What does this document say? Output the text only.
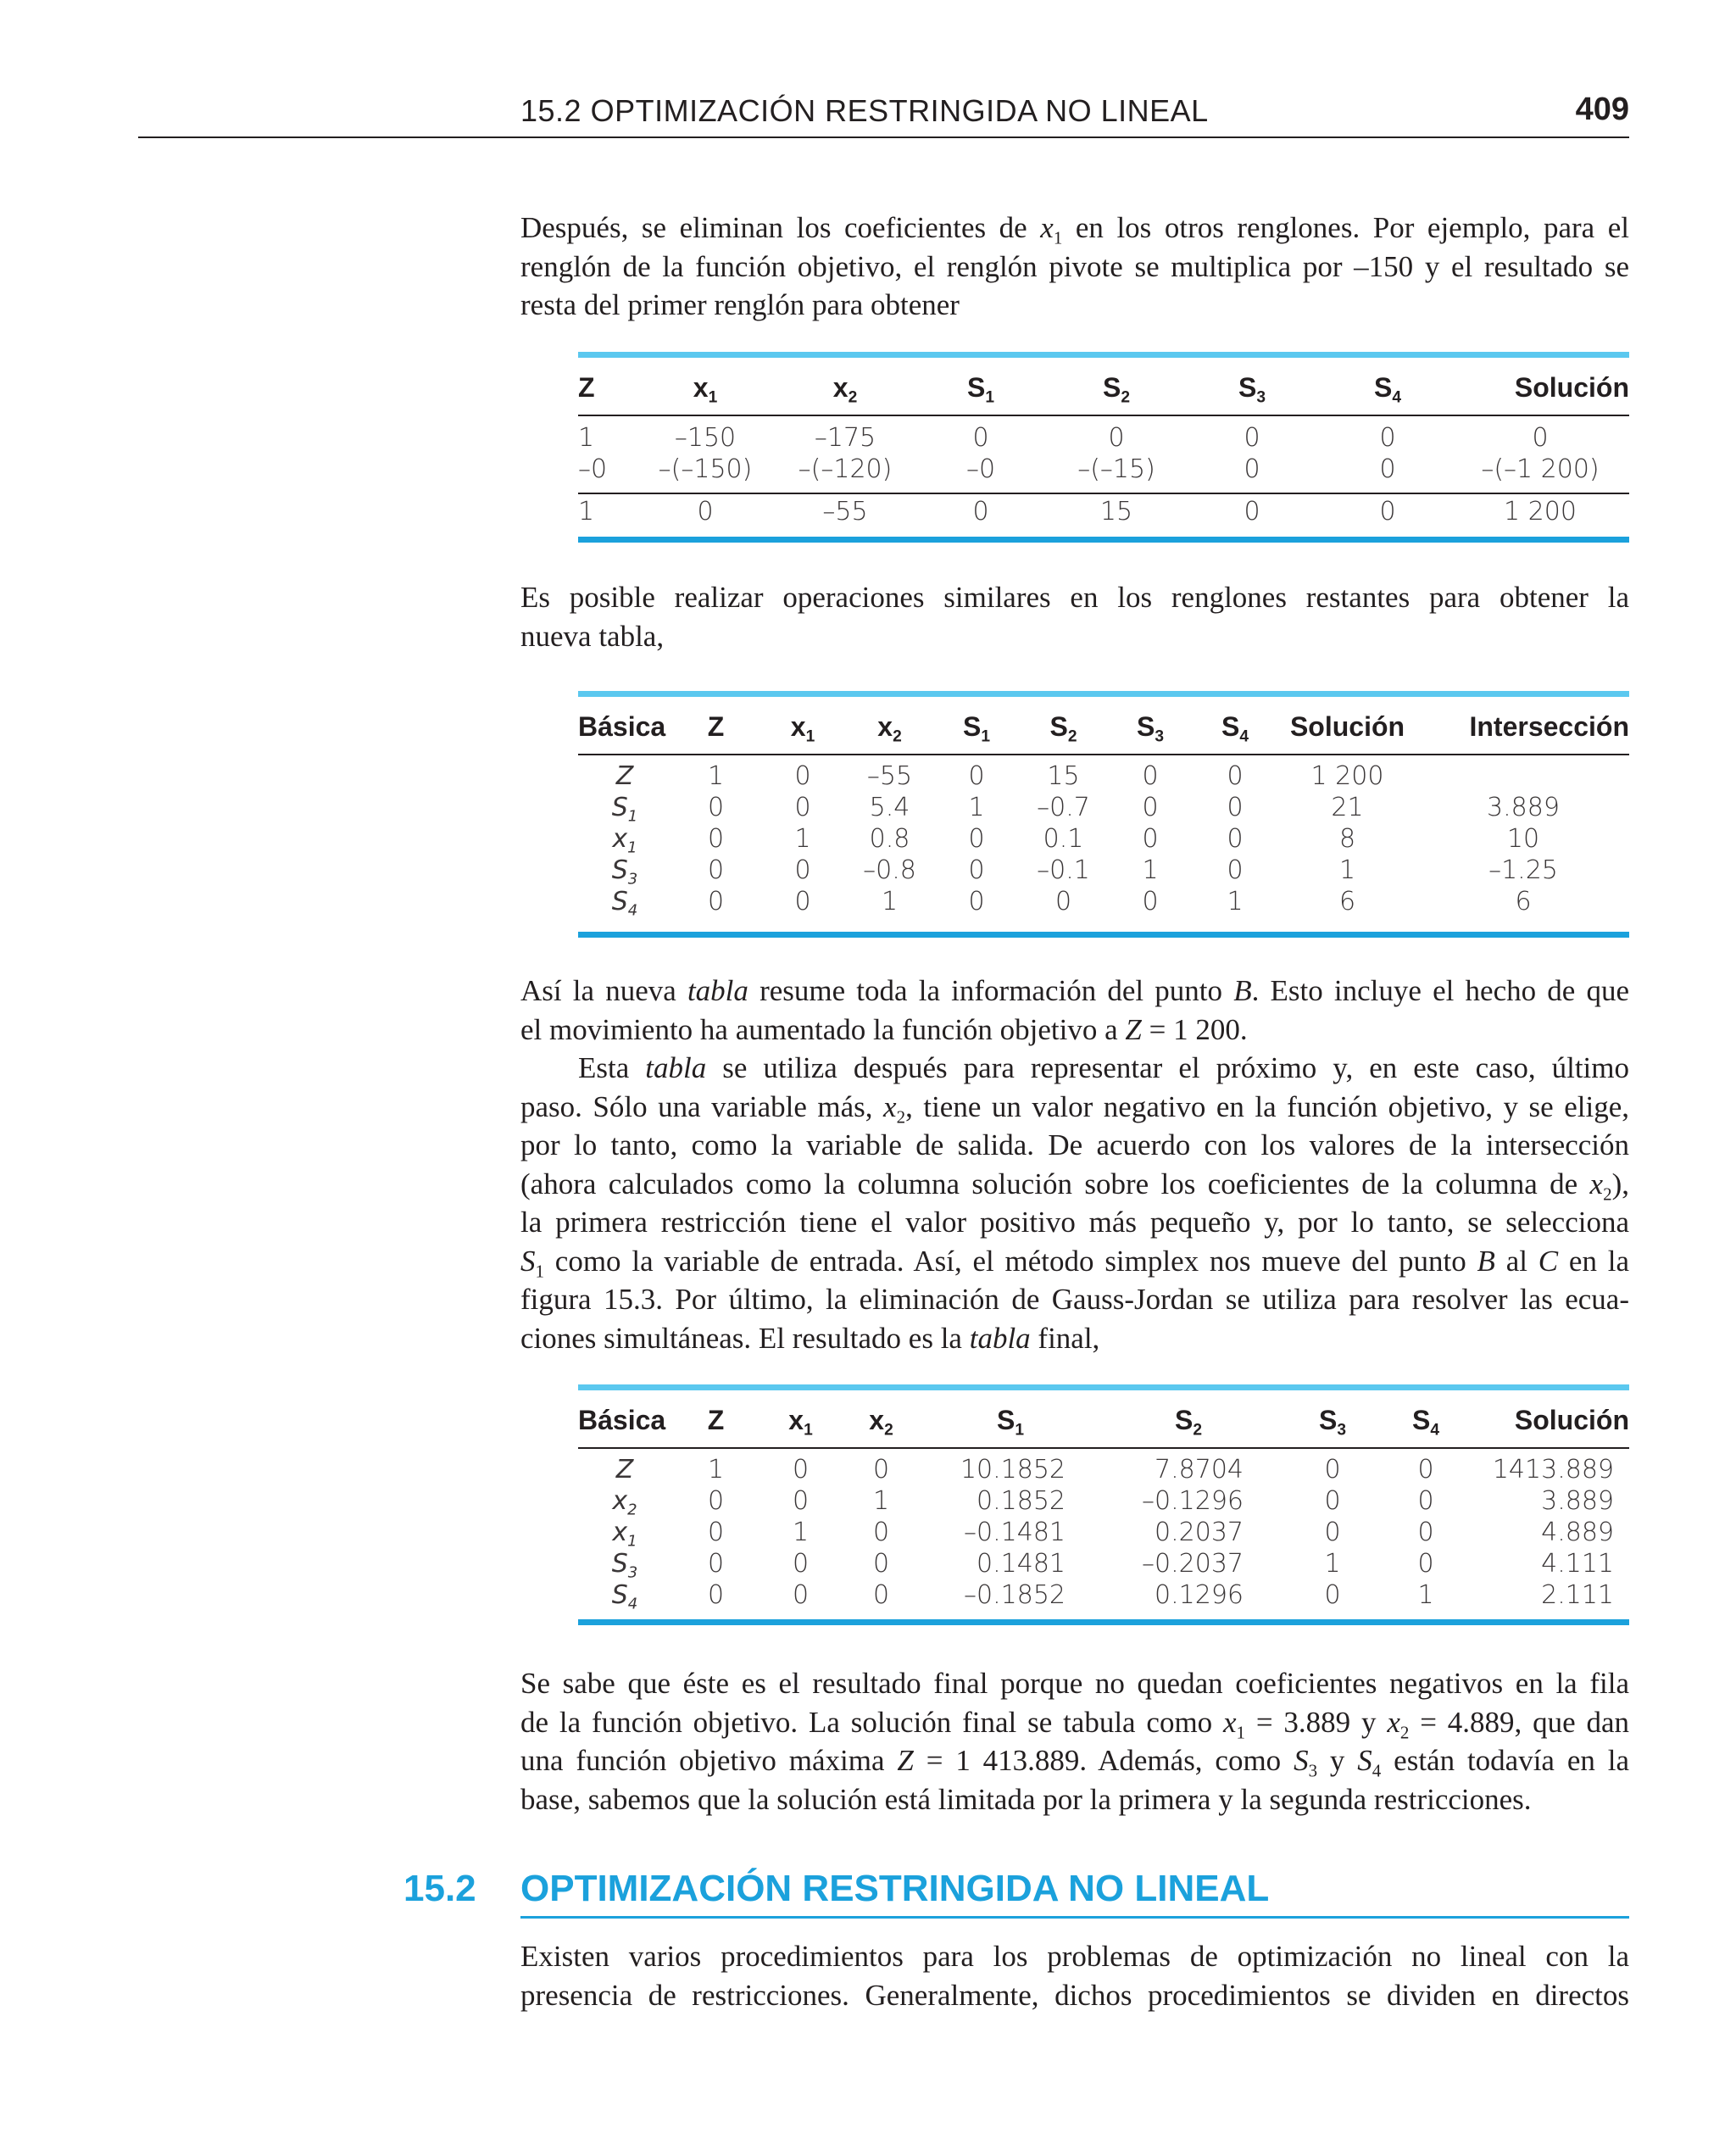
15.2 OPTIMIZACIÓN RESTRINGIDA NO LINEAL	409
Después, se eliminan los coeficientes de $x_1$ en los otros renglones. Por ejemplo, para el
renglón de la función objetivo, el renglón pivote se multiplica por –150 y el resultado se
resta del primer renglón para obtener
Z	$x_1$	$x_2$	$S_1$	$S_2$	$S_3$	$S_4$	Solución
1	–150	–175	0	0	0	0	0
–0	–(–150)	–(–120)	–0	–(–15)	0	0	–(–1 200)
1	0	–55	0	15	0	0	1 200
Es posible realizar operaciones similares en los renglones restantes para obtener la
nueva tabla,
Básica	Z	$x_1$	$x_2$	$S_1$	$S_2$	$S_3$	$S_4$	Solución	Intersección
Z	1	0	–55	0	15	0	0	1 200	
$S_1$	0	0	5.4	1	–0.7	0	0	21	3.889
$x_1$	0	1	0.8	0	0.1	0	0	8	10
$S_3$	0	0	–0.8	0	–0.1	1	0	1	–1.25
$S_4$	0	0	1	0	0	0	1	6	6
Así la nueva tabla resume toda la información del punto B. Esto incluye el hecho de que
el movimiento ha aumentado la función objetivo a Z = 1 200.
Esta tabla se utiliza después para representar el próximo y, en este caso, último
paso. Sólo una variable más, $x_2$, tiene un valor negativo en la función objetivo, y se elige,
por lo tanto, como la variable de salida. De acuerdo con los valores de la intersección
(ahora calculados como la columna solución sobre los coeficientes de la columna de $x_2$),
la primera restricción tiene el valor positivo más pequeño y, por lo tanto, se selecciona
$S_1$ como la variable de entrada. Así, el método simplex nos mueve del punto B al C en la
figura 15.3. Por último, la eliminación de Gauss-Jordan se utiliza para resolver las ecua-
ciones simultáneas. El resultado es la tabla final,
Básica	Z	$x_1$	$x_2$	$S_1$	$S_2$	$S_3$	$S_4$	Solución
Z	1	0	0	10.1852	7.8704	0	0	1413.889
$x_2$	0	0	1	0.1852	–0.1296	0	0	3.889
$x_1$	0	1	0	–0.1481	0.2037	0	0	4.889
$S_3$	0	0	0	0.1481	–0.2037	1	0	4.111
$S_4$	0	0	0	–0.1852	0.1296	0	1	2.111
Se sabe que éste es el resultado final porque no quedan coeficientes negativos en la fila
de la función objetivo. La solución final se tabula como $x_1 = 3.889$ y $x_2 = 4.889$, que dan
una función objetivo máxima Z = 1 413.889. Además, como $S_3$ y $S_4$ están todavía en la
base, sabemos que la solución está limitada por la primera y la segunda restricciones.
15.2 OPTIMIZACIÓN RESTRINGIDA NO LINEAL
Existen varios procedimientos para los problemas de optimización no lineal con la
presencia de restricciones. Generalmente, dichos procedimientos se dividen en directos
